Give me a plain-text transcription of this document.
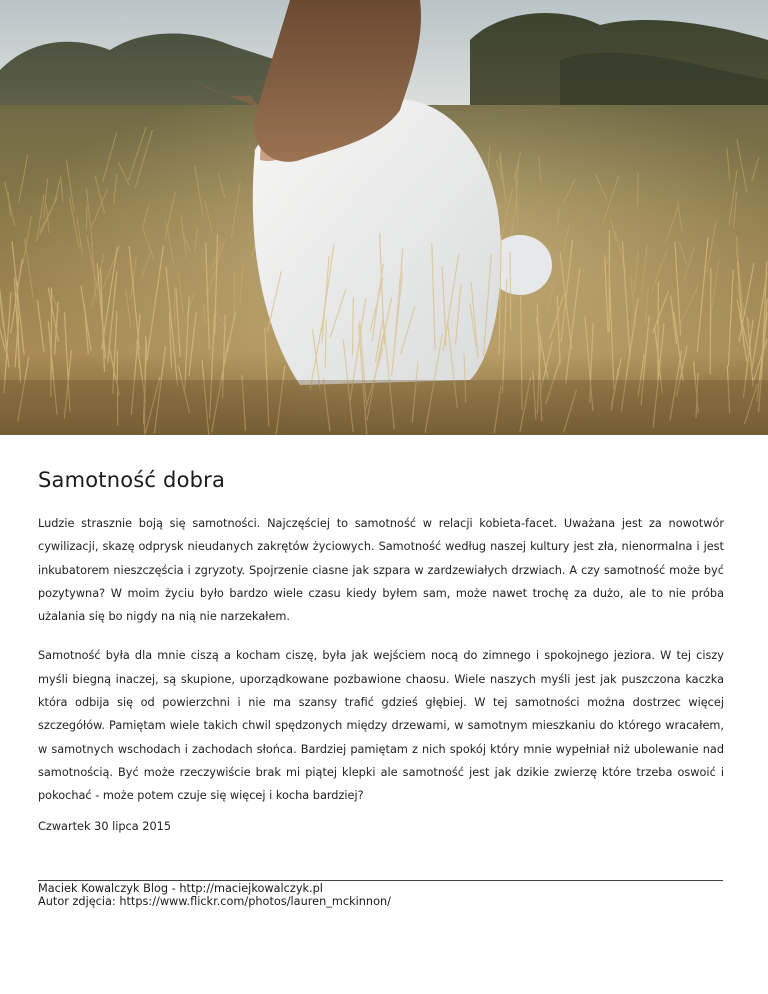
Samotność dobra

Ludzie strasznie boją się samotności. Najczęściej to samotność w relacji kobieta-facet. Uważana jest za nowotwór cywilizacji, skazę odprysk nieudanych zakrętów życiowych. Samotność według naszej kultury jest zła, nienormalna i jest inkubatorem nieszczęścia i zgryzoty. Spojrzenie ciasne jak szpara w zardzewiałych drzwiach. A czy samotność może być pozytywna? W moim życiu było bardzo wiele czasu kiedy byłem sam, może nawet trochę za dużo, ale to nie próba użalania się bo nigdy na nią nie narzekałem.

Samotność była dla mnie ciszą a kocham ciszę, była jak wejściem nocą do zimnego i spokojnego jeziora. W tej ciszy myśli biegną inaczej, są skupione, uporządkowane pozbawione chaosu. Wiele naszych myśli jest jak puszczona kaczka która odbija się od powierzchni i nie ma szansy trafić gdzieś głębiej. W tej samotności można dostrzec więcej szczegółów. Pamiętam wiele takich chwil spędzonych między drzewami, w samotnym mieszkaniu do którego wracałem, w samotnych wschodach i zachodach słońca. Bardziej pamiętam z nich spokój który mnie wypełniał niż ubolewanie nad samotnością. Być może rzeczywiście brak mi piątej klepki ale samotność jest jak dzikie zwierzę które trzeba oswoić i pokochać - może potem czuje się więcej i kocha bardziej?

Czwartek 30 lipca 2015

Maciek Kowalczyk Blog - http://maciejkowalczyk.pl
Autor zdjęcia: https://www.flickr.com/photos/lauren_mckinnon/
